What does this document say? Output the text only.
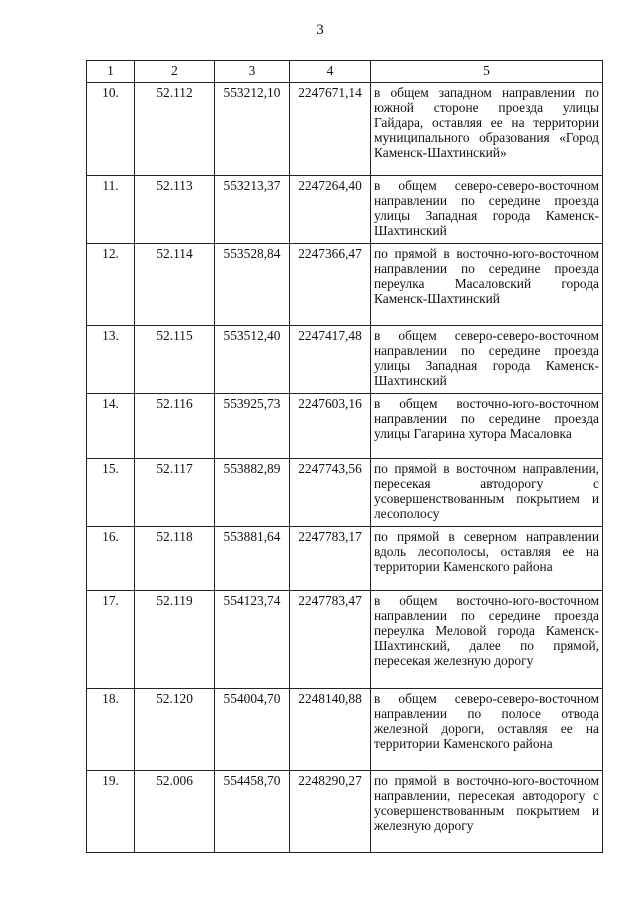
3
1	2	3	4	5
10.	52.112	553212,10	2247671,14	в общем западном направлении по южной стороне проезда улицы Гайдара, оставляя ее на территории муниципального образования «Город Каменск-Шахтинский»
11.	52.113	553213,37	2247264,40	в общем северо-северо-восточном направлении по середине проезда улицы Западная города Каменск-Шахтинский
12.	52.114	553528,84	2247366,47	по прямой в восточно-юго-восточном направлении по середине проезда переулка Масаловский города Каменск-Шахтинский
13.	52.115	553512,40	2247417,48	в общем северо-северо-восточном направлении по середине проезда улицы Западная города Каменск-Шахтинский
14.	52.116	553925,73	2247603,16	в общем восточно-юго-восточном направлении по середине проезда улицы Гагарина хутора Масаловка
15.	52.117	553882,89	2247743,56	по прямой в восточном направлении, пересекая автодорогу с усовершенствованным покрытием и лесополосу
16.	52.118	553881,64	2247783,17	по прямой в северном направлении вдоль лесополосы, оставляя ее на территории Каменского района
17.	52.119	554123,74	2247783,47	в общем восточно-юго-восточном направлении по середине проезда переулка Меловой города Каменск-Шахтинский, далее по прямой, пересекая железную дорогу
18.	52.120	554004,70	2248140,88	в общем северо-северо-восточном направлении по полосе отвода железной дороги, оставляя ее на территории Каменского района
19.	52.006	554458,70	2248290,27	по прямой в восточно-юго-восточном направлении, пересекая автодорогу с усовершенствованным покрытием и железную дорогу
